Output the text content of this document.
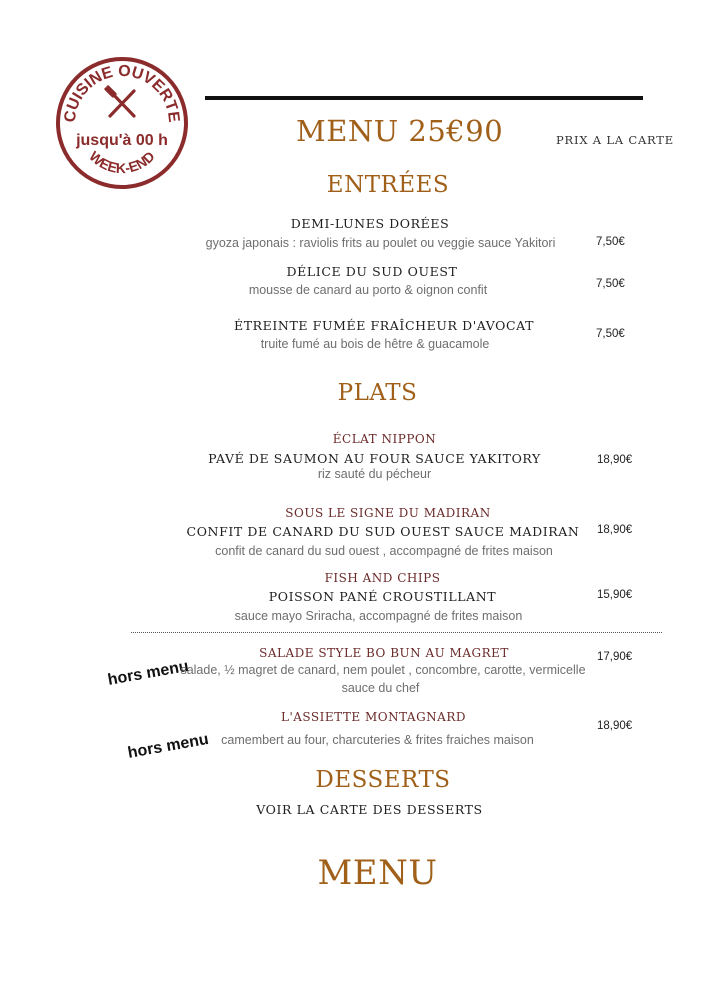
CUISINE OUVERTE
WEEK-END
jusqu'à 00 h	MENU 25€90	PRIX A LA CARTE
ENTRÉES
DEMI-LUNES DORÉES
gyoza japonais : raviolis frits au poulet ou veggie sauce Yakitori	7,50€
DÉLICE DU SUD OUEST
mousse de canard au porto & oignon confit	7,50€
ÉTREINTE FUMÉE FRAÎCHEUR D'AVOCAT
truite fumé au bois de hêtre & guacamole
7,50€
PLATS
ÉCLAT NIPPON
PAVÉ DE SAUMON AU FOUR SAUCE YAKITORY
riz sauté du pécheur
18,90€
SOUS LE SIGNE DU MADIRAN
CONFIT DE CANARD DU SUD OUEST SAUCE MADIRAN
confit de canard du sud ouest , accompagné de frites maison
18,90€
FISH AND CHIPS
POISSON PANÉ CROUSTILLANT
sauce mayo Sriracha, accompagné de frites maison
15,90€
hors menu
SALADE STYLE BO BUN AU MAGRET
salade, ½ magret de canard, nem poulet , concombre, carotte, vermicelle
sauce du chef
17,90€
hors menu
L'ASSIETTE MONTAGNARD
camembert au four, charcuteries & frites fraiches maison
18,90€
DESSERTS
VOIR LA CARTE DES DESSERTS
MENU
